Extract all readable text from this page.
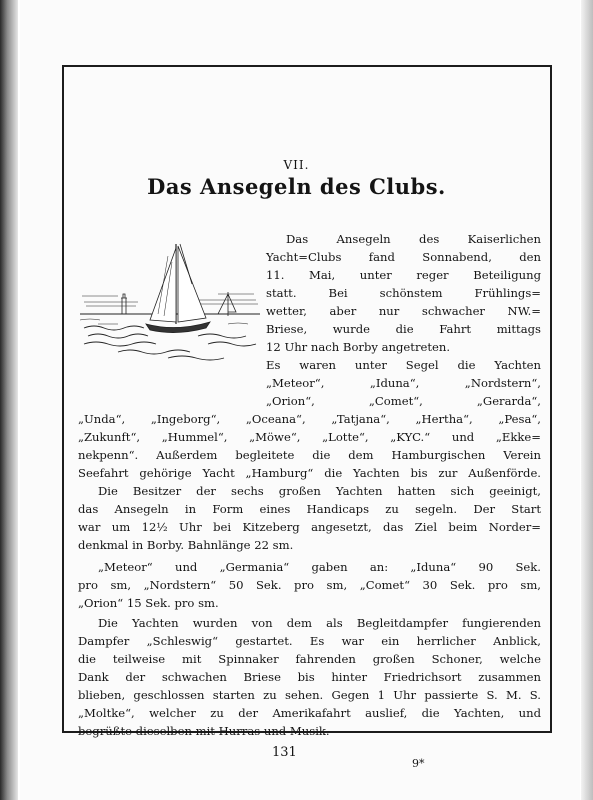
VII.
Das Ansegeln des Clubs.
Das Ansegeln des Kaiserlichen
Yacht=Clubs fand Sonnabend, den
11. Mai, unter reger Beteiligung
statt. Bei schönstem Frühlings=
wetter, aber nur schwacher NW.=
Briese, wurde die Fahrt mittags
12 Uhr nach Borby angetreten.
Es waren unter Segel die Yachten
„Meteor“, „Iduna“, „Nordstern“,
„Orion“, „Comet“, „Gerarda“,
„Unda“, „Ingeborg“, „Oceana“, „Tatjana“, „Hertha“, „Pesa“,
„Zukunft“, „Hummel“, „Möwe“, „Lotte“, „KYC.“ und „Ekke=
nekpenn“. Außerdem begleitete die dem Hamburgischen Verein
Seefahrt gehörige Yacht „Hamburg“ die Yachten bis zur Außenförde.
Die Besitzer der sechs großen Yachten hatten sich geeinigt,
das Ansegeln in Form eines Handicaps zu segeln. Der Start
war um 12½ Uhr bei Kitzeberg angesetzt, das Ziel beim Norder=
denkmal in Borby. Bahnlänge 22 sm.
„Meteor“ und „Germania“ gaben an: „Iduna“ 90 Sek.
pro sm, „Nordstern“ 50 Sek. pro sm, „Comet“ 30 Sek. pro sm,
„Orion“ 15 Sek. pro sm.
Die Yachten wurden von dem als Begleitdampfer fungierenden
Dampfer „Schleswig“ gestartet. Es war ein herrlicher Anblick,
die teilweise mit Spinnaker fahrenden großen Schoner, welche
Dank der schwachen Briese bis hinter Friedrichsort zusammen
blieben, geschlossen starten zu sehen. Gegen 1 Uhr passierte S. M. S.
„Moltke“, welcher zu der Amerikafahrt auslief, die Yachten, und
begrüßte dieselben mit Hurras und Musik.
131
9*
